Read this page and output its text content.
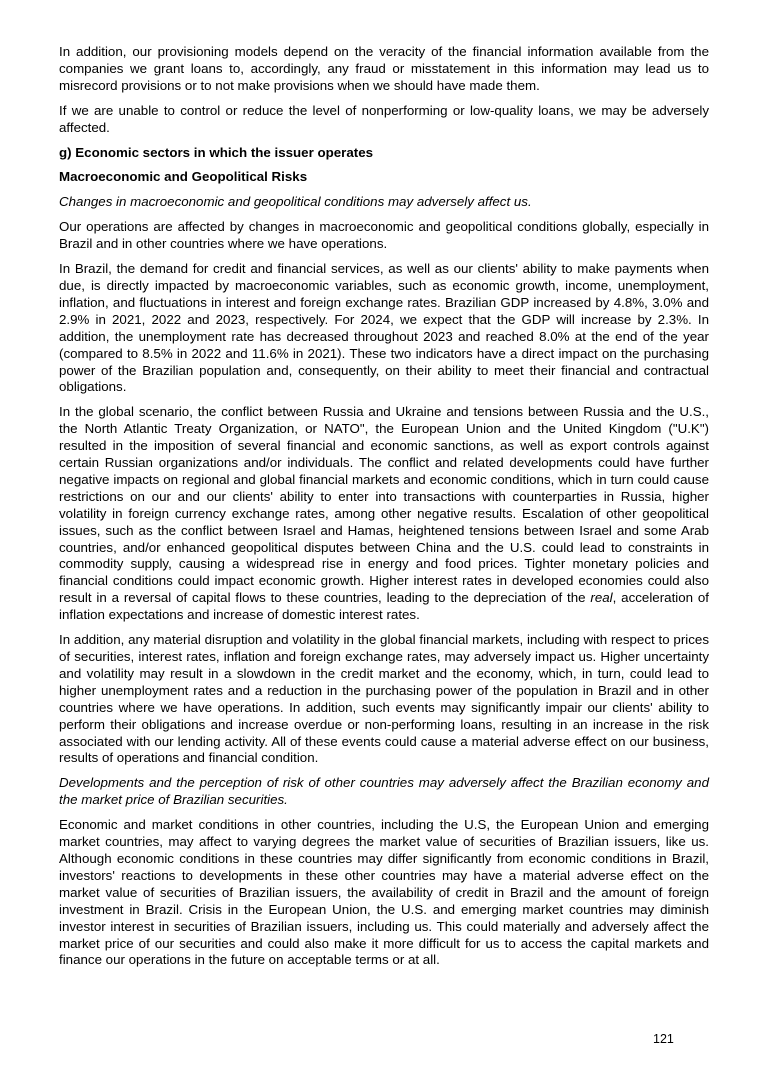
In addition, our provisioning models depend on the veracity of the financial information available from the companies we grant loans to, accordingly, any fraud or misstatement in this information may lead us to misrecord provisions or to not make provisions when we should have made them.

If we are unable to control or reduce the level of nonperforming or low-quality loans, we may be adversely affected.

g) Economic sectors in which the issuer operates

Macroeconomic and Geopolitical Risks

Changes in macroeconomic and geopolitical conditions may adversely affect us.

Our operations are affected by changes in macroeconomic and geopolitical conditions globally, especially in Brazil and in other countries where we have operations.

In Brazil, the demand for credit and financial services, as well as our clients' ability to make payments when due, is directly impacted by macroeconomic variables, such as economic growth, income, unemployment, inflation, and fluctuations in interest and foreign exchange rates. Brazilian GDP increased by 4.8%, 3.0% and 2.9% in 2021, 2022 and 2023, respectively. For 2024, we expect that the GDP will increase by 2.3%. In addition, the unemployment rate has decreased throughout 2023 and reached 8.0% at the end of the year (compared to 8.5% in 2022 and 11.6% in 2021). These two indicators have a direct impact on the purchasing power of the Brazilian population and, consequently, on their ability to meet their financial and contractual obligations.

In the global scenario, the conflict between Russia and Ukraine and tensions between Russia and the U.S., the North Atlantic Treaty Organization, or NATO", the European Union and the United Kingdom ("U.K") resulted in the imposition of several financial and economic sanctions, as well as export controls against certain Russian organizations and/or individuals. The conflict and related developments could have further negative impacts on regional and global financial markets and economic conditions, which in turn could cause restrictions on our and our clients' ability to enter into transactions with counterparties in Russia, higher volatility in foreign currency exchange rates, among other negative results. Escalation of other geopolitical issues, such as the conflict between Israel and Hamas, heightened tensions between Israel and some Arab countries, and/or enhanced geopolitical disputes between China and the U.S. could lead to constraints in commodity supply, causing a widespread rise in energy and food prices. Tighter monetary policies and financial conditions could impact economic growth. Higher interest rates in developed economies could also result in a reversal of capital flows to these countries, leading to the depreciation of the real, acceleration of inflation expectations and increase of domestic interest rates.

In addition, any material disruption and volatility in the global financial markets, including with respect to prices of securities, interest rates, inflation and foreign exchange rates, may adversely impact us. Higher uncertainty and volatility may result in a slowdown in the credit market and the economy, which, in turn, could lead to higher unemployment rates and a reduction in the purchasing power of the population in Brazil and in other countries where we have operations. In addition, such events may significantly impair our clients' ability to perform their obligations and increase overdue or non-performing loans, resulting in an increase in the risk associated with our lending activity. All of these events could cause a material adverse effect on our business, results of operations and financial condition.

Developments and the perception of risk of other countries may adversely affect the Brazilian economy and the market price of Brazilian securities.

Economic and market conditions in other countries, including the U.S, the European Union and emerging market countries, may affect to varying degrees the market value of securities of Brazilian issuers, like us. Although economic conditions in these countries may differ significantly from economic conditions in Brazil, investors' reactions to developments in these other countries may have a material adverse effect on the market value of securities of Brazilian issuers, the availability of credit in Brazil and the amount of foreign investment in Brazil. Crisis in the European Union, the U.S. and emerging market countries may diminish investor interest in securities of Brazilian issuers, including us. This could materially and adversely affect the market price of our securities and could also make it more difficult for us to access the capital markets and finance our operations in the future on acceptable terms or at all.

121
